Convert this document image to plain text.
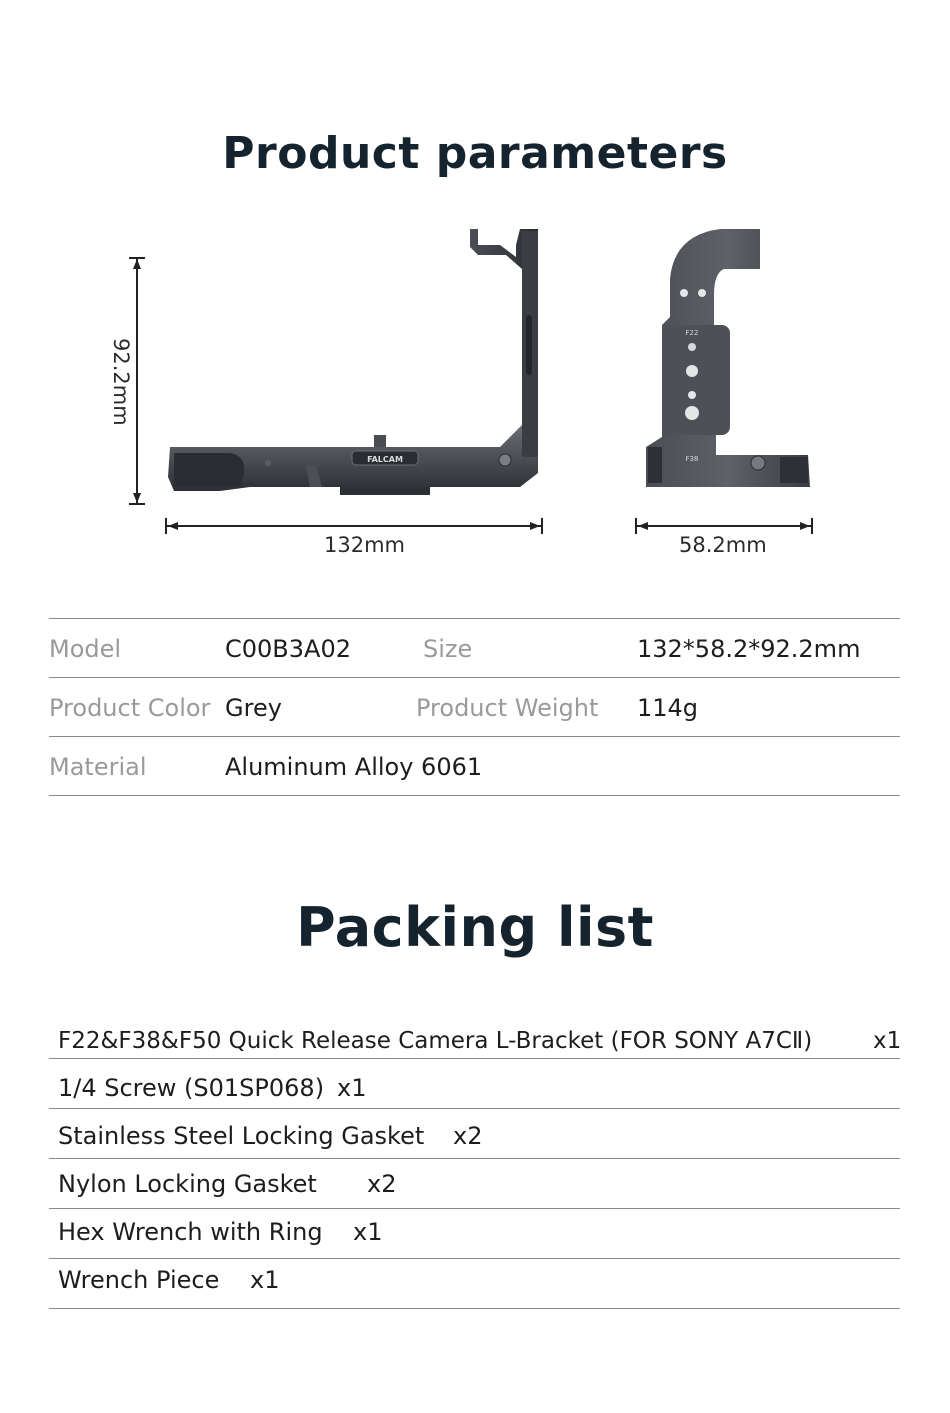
Product parameters
92.2mm
FALCAM
F22
F38
132mm	58.2mm
Model	C00B3A02	Size	132*58.2*92.2mm
Product Color Grey	Product Weight 114g
Material	Aluminum Alloy 6061
Packing list
F22&F38&F50 Quick Release Camera L-Bracket (FOR SONY A7CⅡ)	x1
1/4 Screw (S01SP068) x1
Stainless Steel Locking Gasket x2
Nylon Locking Gasket x2
Hex Wrench with Ring x1
Wrench Piece x1
